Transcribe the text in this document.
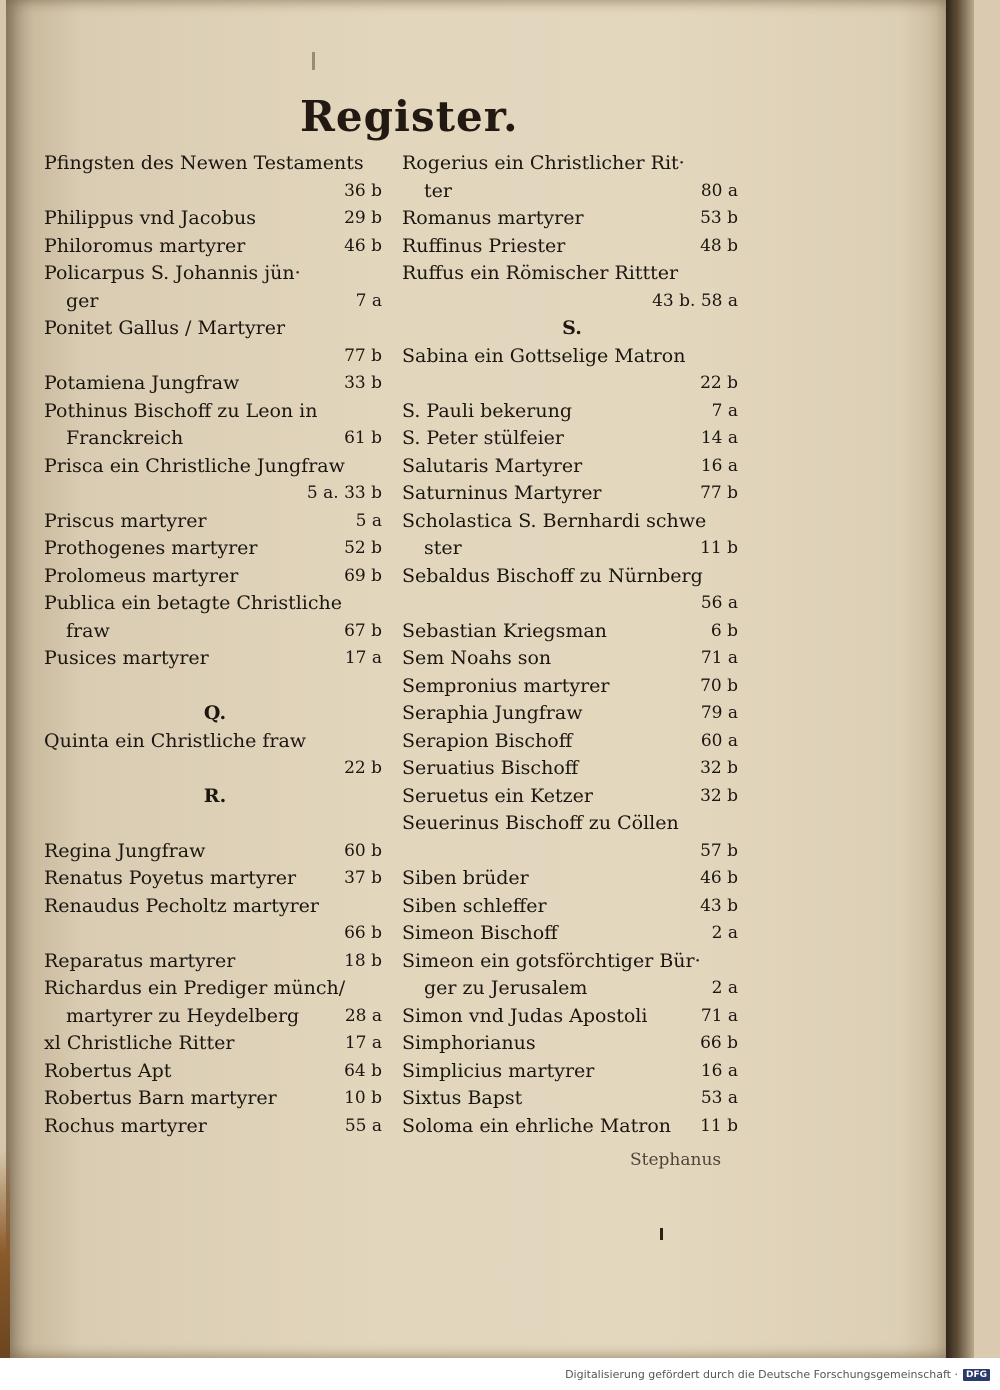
Register.
Pfingsten des Newen Testaments
36 b
Philippus vnd Jacobus	29 b
Philoromus martyrer	46 b
Policarpus S. Johannis jün·
ger	7 a
Ponitet Gallus / Martyrer
77 b
Potamiena Jungfraw	33 b
Pothinus Bischoff zu Leon in
Franckreich	61 b
Prisca ein Christliche Jungfraw
5 a. 33 b
Priscus martyrer	5 a
Prothogenes martyrer	52 b
Prolomeus martyrer	69 b
Publica ein betagte Christliche
fraw	67 b
Pusices martyrer	17 a
Q.
Quinta ein Christliche fraw
22 b
R.
Regina Jungfraw	60 b
Renatus Poyetus martyrer	37 b
Renaudus Pecholtz martyrer
66 b
Reparatus martyrer	18 b
Richardus ein Prediger münch/
martyrer zu Heydelberg	28 a
xl Christliche Ritter	17 a
Robertus Apt	64 b
Robertus Barn martyrer	10 b
Rochus martyrer	55 a
Rogerius ein Christlicher Rit·
ter	80 a
Romanus martyrer	53 b
Ruffinus Priester	48 b
Ruffus ein Römischer Rittter
43 b. 58 a
S.
Sabina ein Gottselige Matron
22 b
S. Pauli bekerung	7 a
S. Peter stülfeier	14 a
Salutaris Martyrer	16 a
Saturninus Martyrer	77 b
Scholastica S. Bernhardi schwe
ster	11 b
Sebaldus Bischoff zu Nürnberg
56 a
Sebastian Kriegsman	6 b
Sem Noahs son	71 a
Sempronius martyrer	70 b
Seraphia Jungfraw	79 a
Serapion Bischoff	60 a
Seruatius Bischoff	32 b
Seruetus ein Ketzer	32 b
Seuerinus Bischoff zu Cöllen
57 b
Siben brüder	46 b
Siben schleffer	43 b
Simeon Bischoff	2 a
Simeon ein gotsförchtiger Bür·
ger zu Jerusalem	2 a
Simon vnd Judas Apostoli	71 a
Simphorianus	66 b
Simplicius martyrer	16 a
Sixtus Bapst	53 a
Soloma ein ehrliche Matron 11 b
Stephanus
Digitalisierung gefördert durch die Deutsche Forschungsgemeinschaft · DFG
